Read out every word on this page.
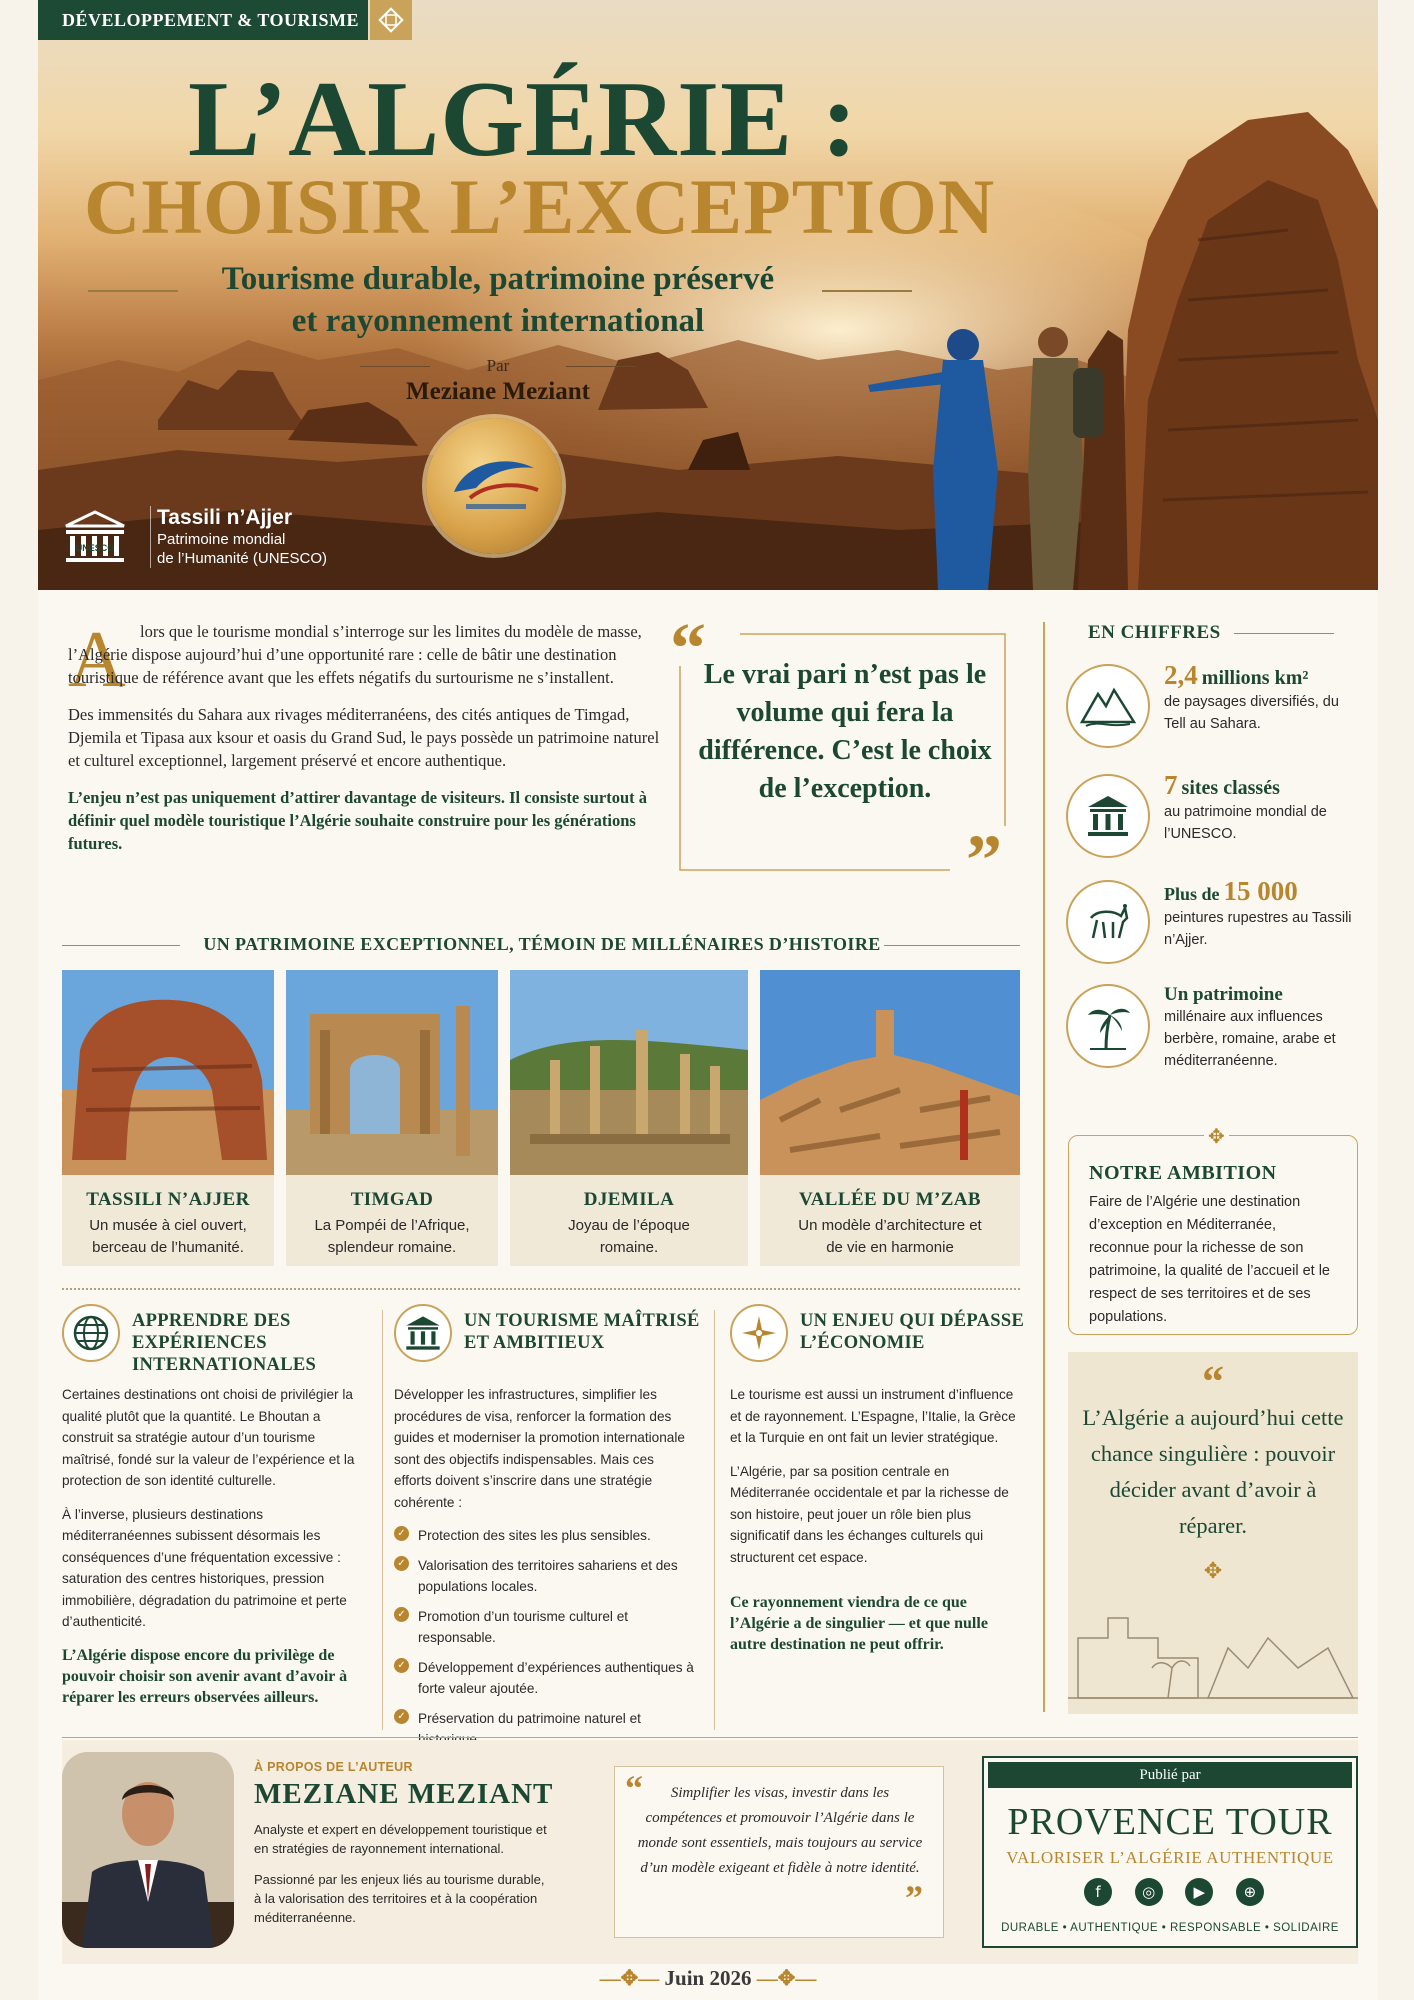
DÉVELOPPEMENT & TOURISME
L’ALGÉRIE :
CHOISIR L’EXCEPTION
Tourisme durable, patrimoine préservé
et rayonnement international
Par
Meziane Meziant
UNESCO
Tassili n’Ajjer
Patrimoine mondial
de l’Humanité (UNESCO)
A lors que le tourisme mondial s’interroge sur les limites du modèle de masse, l’Algérie dispose aujourd’hui d’une opportunité rare : celle de bâtir une destination touristique de référence avant que les effets négatifs du surtourisme ne s’installent.

Des immensités du Sahara aux rivages méditerranéens, des cités antiques de Timgad, Djemila et Tipasa aux ksour et oasis du Grand Sud, le pays possède un patrimoine naturel et culturel exceptionnel, largement préservé et encore authentique.

L’enjeu n’est pas uniquement d’attirer davantage de visiteurs. Il consiste surtout à définir quel modèle touristique l’Algérie souhaite construire pour les générations futures.

“
Le vrai pari n’est pas le volume qui fera la différence. C’est le choix de l’exception.
”
EN CHIFFRES
2,4 millions km²
de paysages diversifiés, du Tell au Sahara.
7 sites classés
au patrimoine mondial de l’UNESCO.
Plus de 15 000
peintures rupestres au Tassili n’Ajjer.
Un patrimoine
millénaire aux influences berbère, romaine, arabe et méditerranéenne.
UN PATRIMOINE EXCEPTIONNEL, TÉMOIN DE MILLÉNAIRES D’HISTOIRE
TASSILI N’AJJER
Un musée à ciel ouvert, berceau de l’humanité.
TIMGAD
La Pompéi de l’Afrique, splendeur romaine.
DJEMILA
Joyau de l’époque romaine.
VALLÉE DU M’ZAB
Un modèle d’architecture et de vie en harmonie
APPRENDRE DES EXPÉRIENCES INTERNATIONALES

Certaines destinations ont choisi de privilégier la qualité plutôt que la quantité. Le Bhoutan a construit sa stratégie autour d’un tourisme maîtrisé, fondé sur la valeur de l’expérience et la protection de son identité culturelle.

À l’inverse, plusieurs destinations méditerranéennes subissent désormais les conséquences d’une fréquentation excessive : saturation des centres historiques, pression immobilière, dégradation du patrimoine et perte d’authenticité.

L’Algérie dispose encore du privilège de pouvoir choisir son avenir avant d’avoir à réparer les erreurs observées ailleurs.

UN TOURISME MAÎTRISÉ ET AMBITIEUX

Développer les infrastructures, simplifier les procédures de visa, renforcer la formation des guides et moderniser la promotion internationale sont des objectifs indispensables. Mais ces efforts doivent s’inscrire dans une stratégie cohérente :

✓ Protection des sites les plus sensibles.
✓ Valorisation des territoires sahariens et des populations locales.
✓ Promotion d’un tourisme culturel et responsable.
✓ Développement d’expériences authentiques à forte valeur ajoutée.
✓ Préservation du patrimoine naturel et
UN ENJEU QUI DÉPASSE L’ÉCONOMIE

Le tourisme est aussi un instrument d’influence et de rayonnement. L’Espagne, l’Italie, la Grèce et la Turquie en ont fait un levier stratégique.

L’Algérie, par sa position centrale en Méditerranée occidentale et par la richesse de son histoire, peut jouer un rôle bien plus significatif dans les échanges culturels qui structurent cet espace.

Ce rayonnement viendra de ce que l’Algérie a de singulier — et que nulle autre destination ne peut offrir.

NOTRE AMBITION
Faire de l’Algérie une destination d’exception en Méditerranée, reconnue pour la richesse de son patrimoine, la qualité de l’accueil et le respect de ses territoires et de ses populations.
✥
“
L’Algérie a aujourd’hui cette chance singulière : pouvoir décider avant d’avoir à réparer.
✥
À PROPOS DE L’AUTEUR
MEZIANE MEZIANT
Analyste et expert en développement touristique et en stratégies de rayonnement international.
Passionné par les enjeux liés au tourisme durable, à la valorisation des territoires et à la coopération méditerranéenne.
“	Simplifier les visas, investir dans les compétences et promouvoir l’Algérie dans le monde sont essentiels, mais toujours au service d’un modèle exigeant et fidèle à notre identité.
”
Publié par
PROVENCE TOUR
VALORISER L’ALGÉRIE AUTHENTIQUE
f	◎	▶	⊕
DURABLE • AUTHENTIQUE • RESPONSABLE • SOLIDAIRE
—✥— Juin 2026 —✥—
